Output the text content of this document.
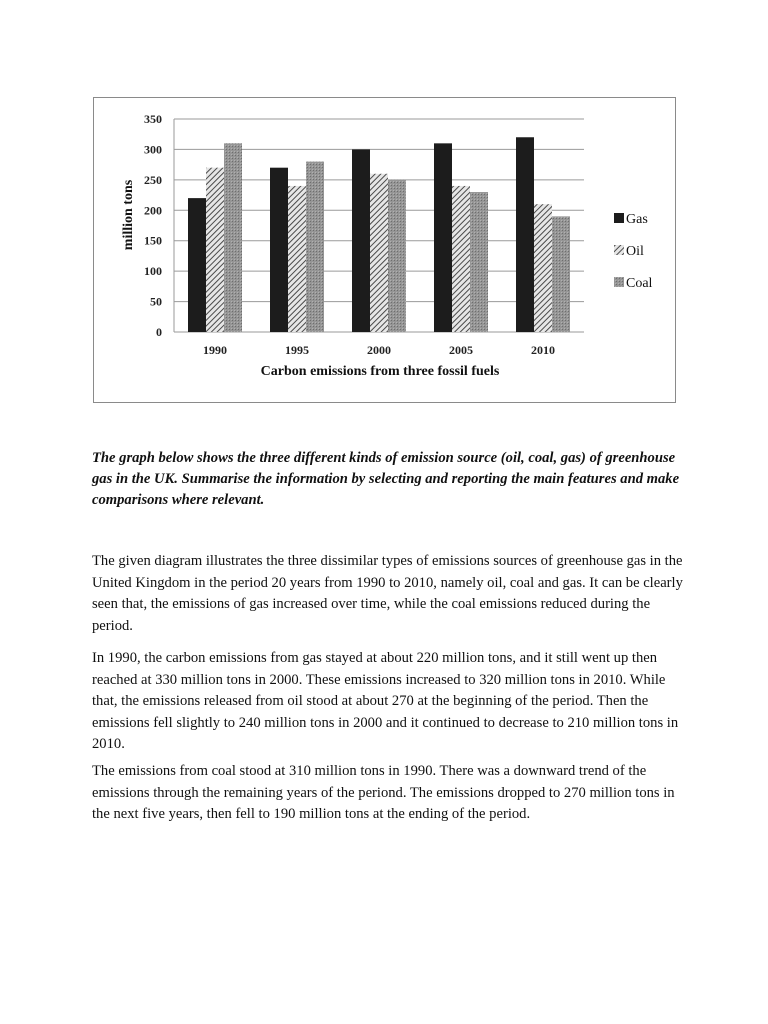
0
50
100
150
200
250
300
350
1990	1995	2000	2005	2010
million tons
Carbon emissions from three fossil fuels
Gas
Oil
Coal

The graph below shows the three different kinds of emission source (oil, coal, gas) of greenhouse gas in the UK. Summarise the information by selecting and reporting the main features and make comparisons where relevant.

The given diagram illustrates the three dissimilar types of emissions sources of greenhouse gas in the United Kingdom in the period 20 years from 1990 to 2010, namely oil, coal and gas. It can be clearly seen that, the emissions of gas increased over time, while the coal emissions reduced during the period.

In 1990, the carbon emissions from gas stayed at about 220 million tons, and it still went up then reached at 330 million tons in 2000. These emissions increased to 320 million tons in 2010. While that, the emissions released from oil stood at about 270 at the beginning of the period. Then the emissions fell slightly to 240 million tons in 2000 and it continued to decrease to 210 million tons in 2010.

The emissions from coal stood at 310 million tons in 1990. There was a downward trend of the emissions through the remaining years of the periond. The emissions dropped to 270 million tons in the next five years, then fell to 190 million tons at the ending of the period.
